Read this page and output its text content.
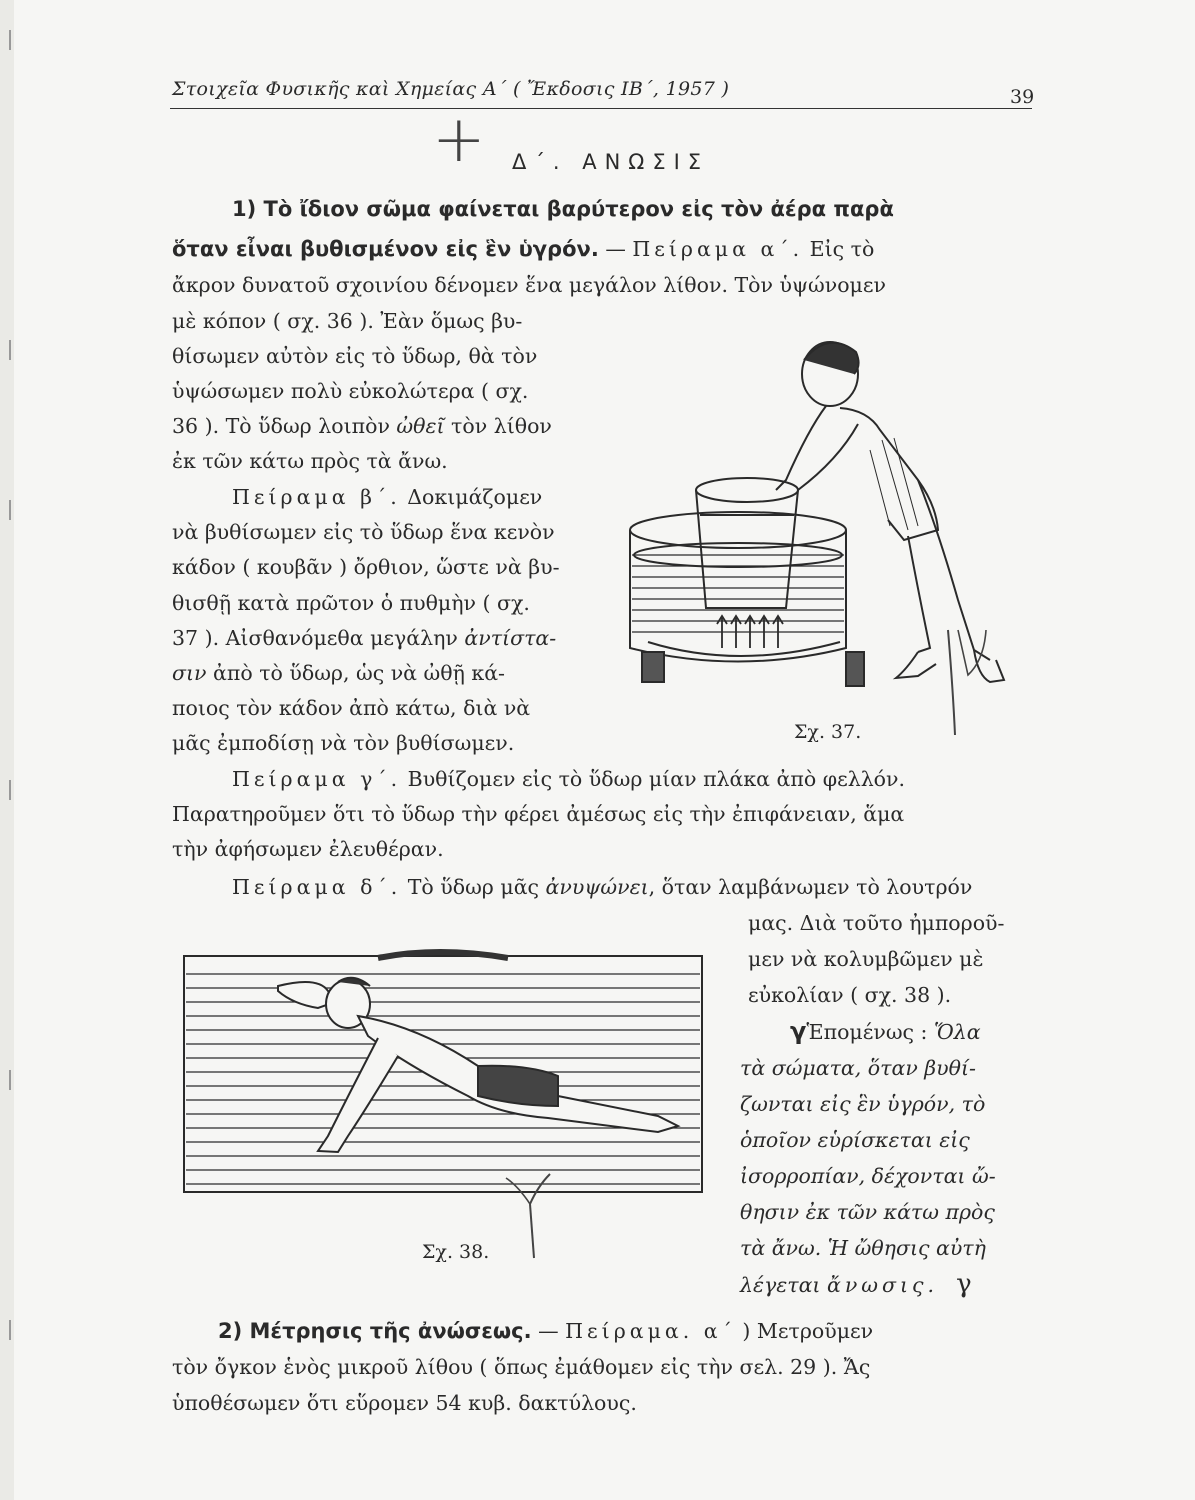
Στοιχεῖα Φυσικῆς καὶ Χημείας Α΄ ( Ἔκδοσις ΙΒ΄, 1957 )	39
+ Δ΄. ΑΝΩΣΙΣ
1) Τὸ ἴδιον σῶμα φαίνεται βαρύτερον εἰς τὸν ἀέρα παρὰ
ὅταν εἶναι βυθισμένον εἰς ἓν ὑγρόν. — Πείραμα α΄. Εἰς τὸ
ἄκρον δυνατοῦ σχοινίου δένομεν ἕνα μεγάλον λίθον. Τὸν ὑψώνομεν
μὲ κόπον ( σχ. 36 ). Ἐὰν ὅμως βυ-
θίσωμεν αὐτὸν εἰς τὸ ὕδωρ, θὰ τὸν
ὑψώσωμεν πολὺ εὐκολώτερα ( σχ.
36 ). Τὸ ὕδωρ λοιπὸν ὠθεῖ τὸν λίθον
ἐκ τῶν κάτω πρὸς τὰ ἄνω.
Πείραμα β΄. Δοκιμάζομεν
νὰ βυθίσωμεν εἰς τὸ ὕδωρ ἕνα κενὸν
κάδον ( κουβᾶν ) ὄρθιον, ὥστε νὰ βυ-
θισθῇ κατὰ πρῶτον ὁ πυθμὴν ( σχ.
37 ). Αἰσθανόμεθα μεγάλην ἀντίστα-
σιν ἀπὸ τὸ ὕδωρ, ὡς νὰ ὠθῇ κά-
ποιος τὸν κάδον ἀπὸ κάτω, διὰ νὰ
μᾶς ἐμποδίσῃ νὰ τὸν βυθίσωμεν.	Σχ. 37.
Πείραμα γ΄. Βυθίζομεν εἰς τὸ ὕδωρ μίαν πλάκα ἀπὸ φελλόν.
Παρατηροῦμεν ὅτι τὸ ὕδωρ τὴν φέρει ἀμέσως εἰς τὴν ἐπιφάνειαν, ἅμα
τὴν ἀφήσωμεν ἐλευθέραν.
Πείραμα δ΄. Τὸ ὕδωρ μᾶς ἀνυψώνει, ὅταν λαμβάνωμεν τὸ λουτρόν
μας. Διὰ τοῦτο ἠμποροῦ-
μεν νὰ κολυμβῶμεν μὲ
εὐκολίαν ( σχ. 38 ).
γἙπομένως : Ὅλα
τὰ σώματα, ὅταν βυθί-
ζωνται εἰς ἓν ὑγρόν, τὸ
ὁποῖον εὑρίσκεται εἰς
ἰσορροπίαν, δέχονται ὤ-
θησιν ἐκ τῶν κάτω πρὸς
τὰ ἄνω. Ἡ ὤθησις αὐτὴ
λέγεται ἄνωσις. γ
Σχ. 38.
2) Μέτρησις τῆς ἀνώσεως. — Πείραμα. α΄ ) Μετροῦμεν
τὸν ὄγκον ἑνὸς μικροῦ λίθου ( ὅπως ἐμάθομεν εἰς τὴν σελ. 29 ). Ἄς
ὑποθέσωμεν ὅτι εὕρομεν 54 κυβ. δακτύλους.
